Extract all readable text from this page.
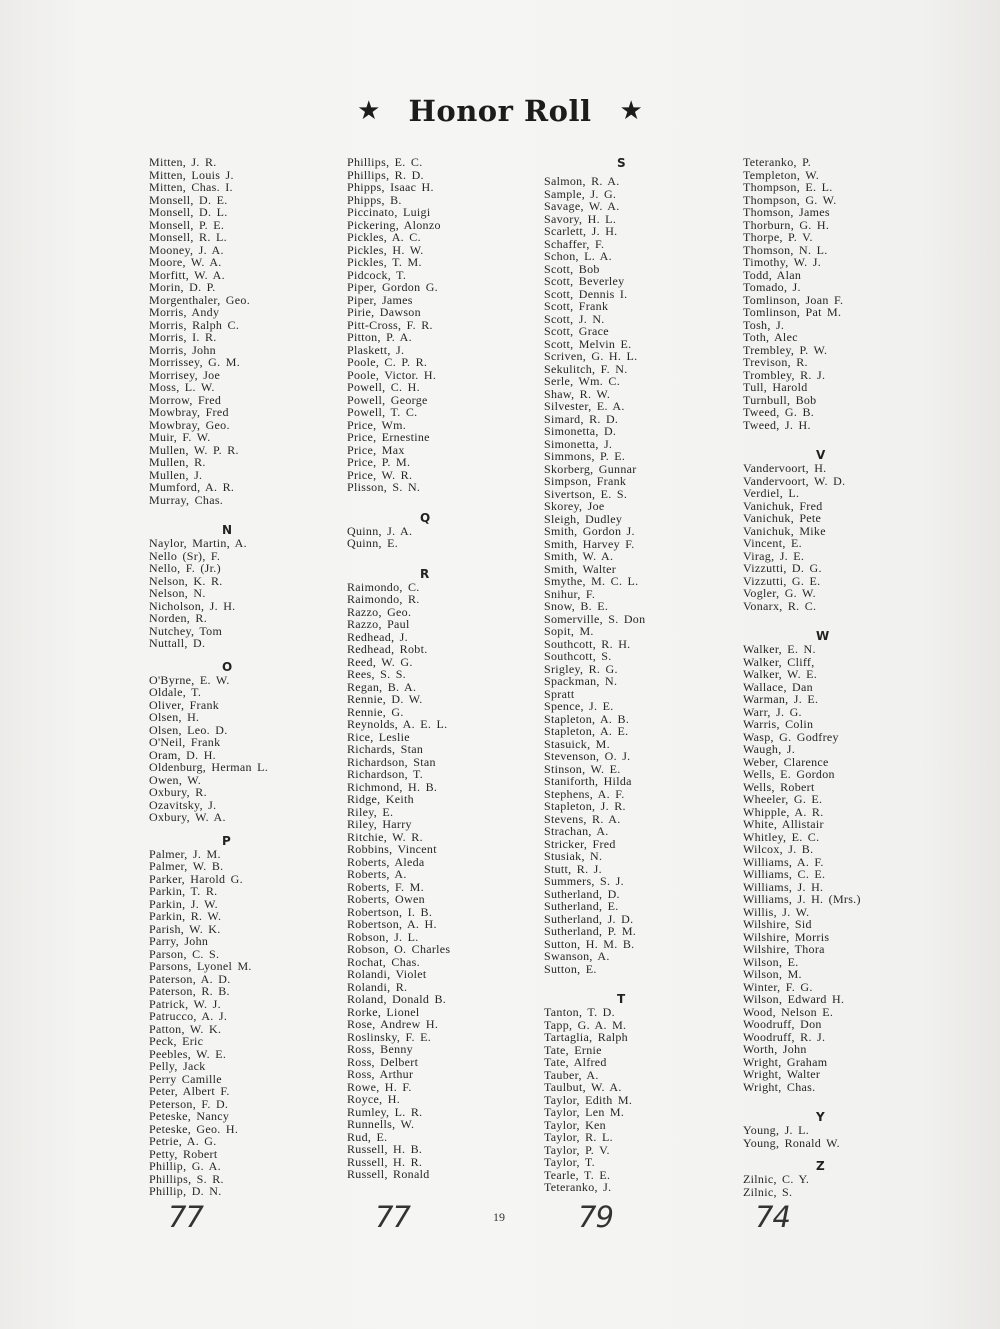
★ Honor Roll ★
Mitten, J. R.
Mitten, Louis J.
Mitten, Chas. I.
Monsell, D. E.
Monsell, D. L.
Monsell, P. E.
Monsell, R. L.
Mooney, J. A.
Moore, W. A.
Morfitt, W. A.
Morin, D. P.
Morgenthaler, Geo.
Morris, Andy
Morris, Ralph C.
Morris, I. R.
Morris, John
Morrissey, G. M.
Morrisey, Joe
Moss, L. W.
Morrow, Fred
Mowbray, Fred
Mowbray, Geo.
Muir, F. W.
Mullen, W. P. R.
Mullen, R.
Mullen, J.
Mumford, A. R.
Murray, Chas.
N
Naylor, Martin, A.
Nello (Sr), F.
Nello, F. (Jr.)
Nelson, K. R.
Nelson, N.
Nicholson, J. H.
Norden, R.
Nutchey, Tom
Nuttall, D.
O
O'Byrne, E. W.
Oldale, T.
Oliver, Frank
Olsen, H.
Olsen, Leo. D.
O'Neil, Frank
Oram, D. H.
Oldenburg, Herman L.
Owen, W.
Oxbury, R.
Ozavitsky, J.
Oxbury, W. A.
P
Palmer, J. M.
Palmer, W. B.
Parker, Harold G.
Parkin, T. R.
Parkin, J. W.
Parkin, R. W.
Parish, W. K.
Parry, John
Parson, C. S.
Parsons, Lyonel M.
Paterson, A. D.
Paterson, R. B.
Patrick, W. J.
Patrucco, A. J.
Patton, W. K.
Peck, Eric
Peebles, W. E.
Pelly, Jack
Perry Camille
Peter, Albert F.
Peterson, F. D.
Peteske, Nancy
Peteske, Geo. H.
Petrie, A. G.
Petty, Robert
Phillip, G. A.
Phillips, S. R.
Phillip, D. N.
Phillips, E. C.
Phillips, R. D.
Phipps, Isaac H.
Phipps, B.
Piccinato, Luigi
Pickering, Alonzo
Pickles, A. C.
Pickles, H. W.
Pickles, T. M.
Pidcock, T.
Piper, Gordon G.
Piper, James
Pirie, Dawson
Pitt-Cross, F. R.
Pitton, P. A.
Plaskett, J.
Poole, C. P. R.
Poole, Victor. H.
Powell, C. H.
Powell, George
Powell, T. C.
Price, Wm.
Price, Ernestine
Price, Max
Price, P. M.
Price, W. R.
Plisson, S. N.
Q
Quinn, J. A.
Quinn, E.
R
Raimondo, C.
Raimondo, R.
Razzo, Geo.
Razzo, Paul
Redhead, J.
Redhead, Robt.
Reed, W. G.
Rees, S. S.
Regan, B. A.
Rennie, D. W.
Rennie, G.
Reynolds, A. E. L.
Rice, Leslie
Richards, Stan
Richardson, Stan
Richardson, T.
Richmond, H. B.
Ridge, Keith
Riley, E.
Riley, Harry
Ritchie, W. R.
Robbins, Vincent
Roberts, Aleda
Roberts, A.
Roberts, F. M.
Roberts, Owen
Robertson, I. B.
Robertson, A. H.
Robson, J. L.
Robson, O. Charles
Rochat, Chas.
Rolandi, Violet
Rolandi, R.
Roland, Donald B.
Rorke, Lionel
Rose, Andrew H.
Roslinsky, F. E.
Ross, Benny
Ross, Delbert
Ross, Arthur
Rowe, H. F.
Royce, H.
Rumley, L. R.
Runnells, W.
Rud, E.
Russell, H. B.
Russell, H. R.
Russell, Ronald
S
Salmon, R. A.
Sample, J. G.
Savage, W. A.
Savory, H. L.
Scarlett, J. H.
Schaffer, F.
Schon, L. A.
Scott, Bob
Scott, Beverley
Scott, Dennis I.
Scott, Frank
Scott, J. N.
Scott, Grace
Scott, Melvin E.
Scriven, G. H. L.
Sekulitch, F. N.
Serle, Wm. C.
Shaw, R. W.
Silvester, E. A.
Simard, R. D.
Simonetta, D.
Simonetta, J.
Simmons, P. E.
Skorberg, Gunnar
Simpson, Frank
Sivertson, E. S.
Skorey, Joe
Sleigh, Dudley
Smith, Gordon J.
Smith, Harvey F.
Smith, W. A.
Smith, Walter
Smythe, M. C. L.
Snihur, F.
Snow, B. E.
Somerville, S. Don
Sopit, M.
Southcott, R. H.
Southcott, S.
Srigley, R. G.
Spackman, N.
Spratt
Spence, J. E.
Stapleton, A. B.
Stapleton, A. E.
Stasuick, M.
Stevenson, O. J.
Stinson, W. E.
Staniforth, Hilda
Stephens, A. F.
Stapleton, J. R.
Stevens, R. A.
Strachan, A.
Stricker, Fred
Stusiak, N.
Stutt, R. J.
Summers, S. J.
Sutherland, D.
Sutherland, E.
Sutherland, J. D.
Sutherland, P. M.
Sutton, H. M. B.
Swanson, A.
Sutton, E.
T
Tanton, T. D.
Tapp, G. A. M.
Tartaglia, Ralph
Tate, Ernie
Tate, Alfred
Tauber, A.
Taulbut, W. A.
Taylor, Edith M.
Taylor, Len M.
Taylor, Ken
Taylor, R. L.
Taylor, P. V.
Taylor, T.
Tearle, T. E.
Teteranko, J.
Teteranko, P.
Templeton, W.
Thompson, E. L.
Thompson, G. W.
Thomson, James
Thorburn, G. H.
Thorpe, P. V.
Thomson, N. L.
Timothy, W. J.
Todd, Alan
Tomado, J.
Tomlinson, Joan F.
Tomlinson, Pat M.
Tosh, J.
Toth, Alec
Trembley, P. W.
Trevison, R.
Trombley, R. J.
Tull, Harold
Turnbull, Bob
Tweed, G. B.
Tweed, J. H.
V
Vandervoort, H.
Vandervoort, W. D.
Verdiel, L.
Vanichuk, Fred
Vanichuk, Pete
Vanichuk, Mike
Vincent, E.
Virag, J. E.
Vizzutti, D. G.
Vizzutti, G. E.
Vogler, G. W.
Vonarx, R. C.
W
Walker, E. N.
Walker, Cliff,
Walker, W. E.
Wallace, Dan
Warman, J. E.
Warr, J. G.
Warris, Colin
Wasp, G. Godfrey
Waugh, J.
Weber, Clarence
Wells, E. Gordon
Wells, Robert
Wheeler, G. E.
Whipple, A. R.
White, Allistair
Whitley, E. C.
Wilcox, J. B.
Williams, A. F.
Williams, C. E.
Williams, J. H.
Williams, J. H. (Mrs.)
Willis, J. W.
Wilshire, Sid
Wilshire, Morris
Wilshire, Thora
Wilson, E.
Wilson, M.
Winter, F. G.
Wilson, Edward H.
Wood, Nelson E.
Woodruff, Don
Woodruff, R. J.
Worth, John
Wright, Graham
Wright, Walter
Wright, Chas.
Y
Young, J. L.
Young, Ronald W.
Z
Zilnic, C. Y.
Zilnic, S.
77	77	19	79	74
